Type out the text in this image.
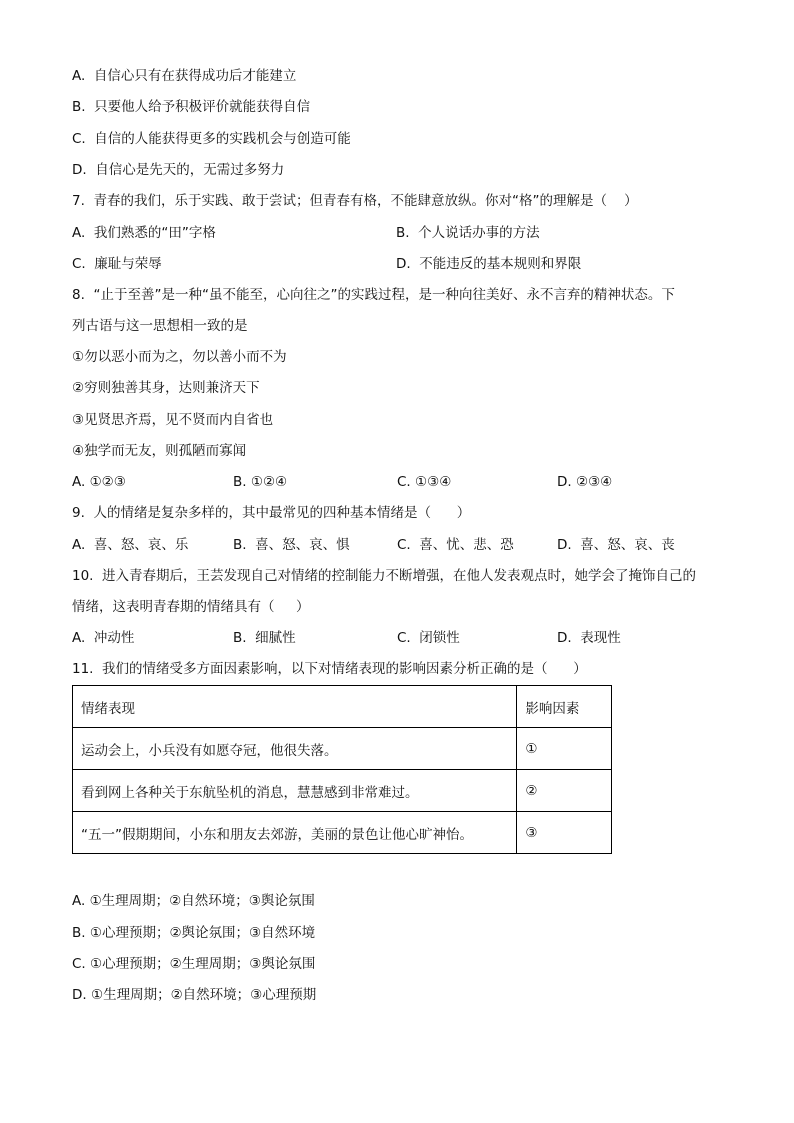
A.  自信心只有在获得成功后才能建立
B.  只要他人给予积极评价就能获得自信
C.  自信的人能获得更多的实践机会与创造可能
D.  自信心是先天的，无需过多努力
7.  青春的我们，乐于实践、敢于尝试；但青春有格，不能肆意放纵。你对“格”的理解是（    ）
A.  我们熟悉的“田”字格	B.  个人说话办事的方法
C.  廉耻与荣辱	D.  不能违反的基本规则和界限
8.  “止于至善”是一种“虽不能至，心向往之”的实践过程，是一种向往美好、永不言弃的精神状态。下
列古语与这一思想相一致的是
①勿以恶小而为之，勿以善小而不为
②穷则独善其身，达则兼济天下
③见贤思齐焉，见不贤而内自省也
④独学而无友，则孤陋而寡闻
A. ①②③	B. ①②④	C. ①③④	D. ②③④
9.  人的情绪是复杂多样的，其中最常见的四种基本情绪是（      ）
A.  喜、怒、哀、乐	B.  喜、怒、哀、惧	C.  喜、忧、悲、恐	D.  喜、怒、哀、丧
10.  进入青春期后，王芸发现自己对情绪的控制能力不断增强，在他人发表观点时，她学会了掩饰自己的
情绪，这表明青春期的情绪具有（     ）
A.  冲动性	B.  细腻性	C.  闭锁性	D.  表现性
11.  我们的情绪受多方面因素影响，以下对情绪表现的影响因素分析正确的是（      ）
情绪表现	影响因素
运动会上，小兵没有如愿夺冠，他很失落。	①
看到网上各种关于东航坠机的消息，慧慧感到非常难过。	②
“五一”假期期间，小东和朋友去郊游，美丽的景色让他心旷神怡。	③
A. ①生理周期；②自然环境；③舆论氛围
B. ①心理预期；②舆论氛围；③自然环境
C. ①心理预期；②生理周期；③舆论氛围
D. ①生理周期；②自然环境；③心理预期
